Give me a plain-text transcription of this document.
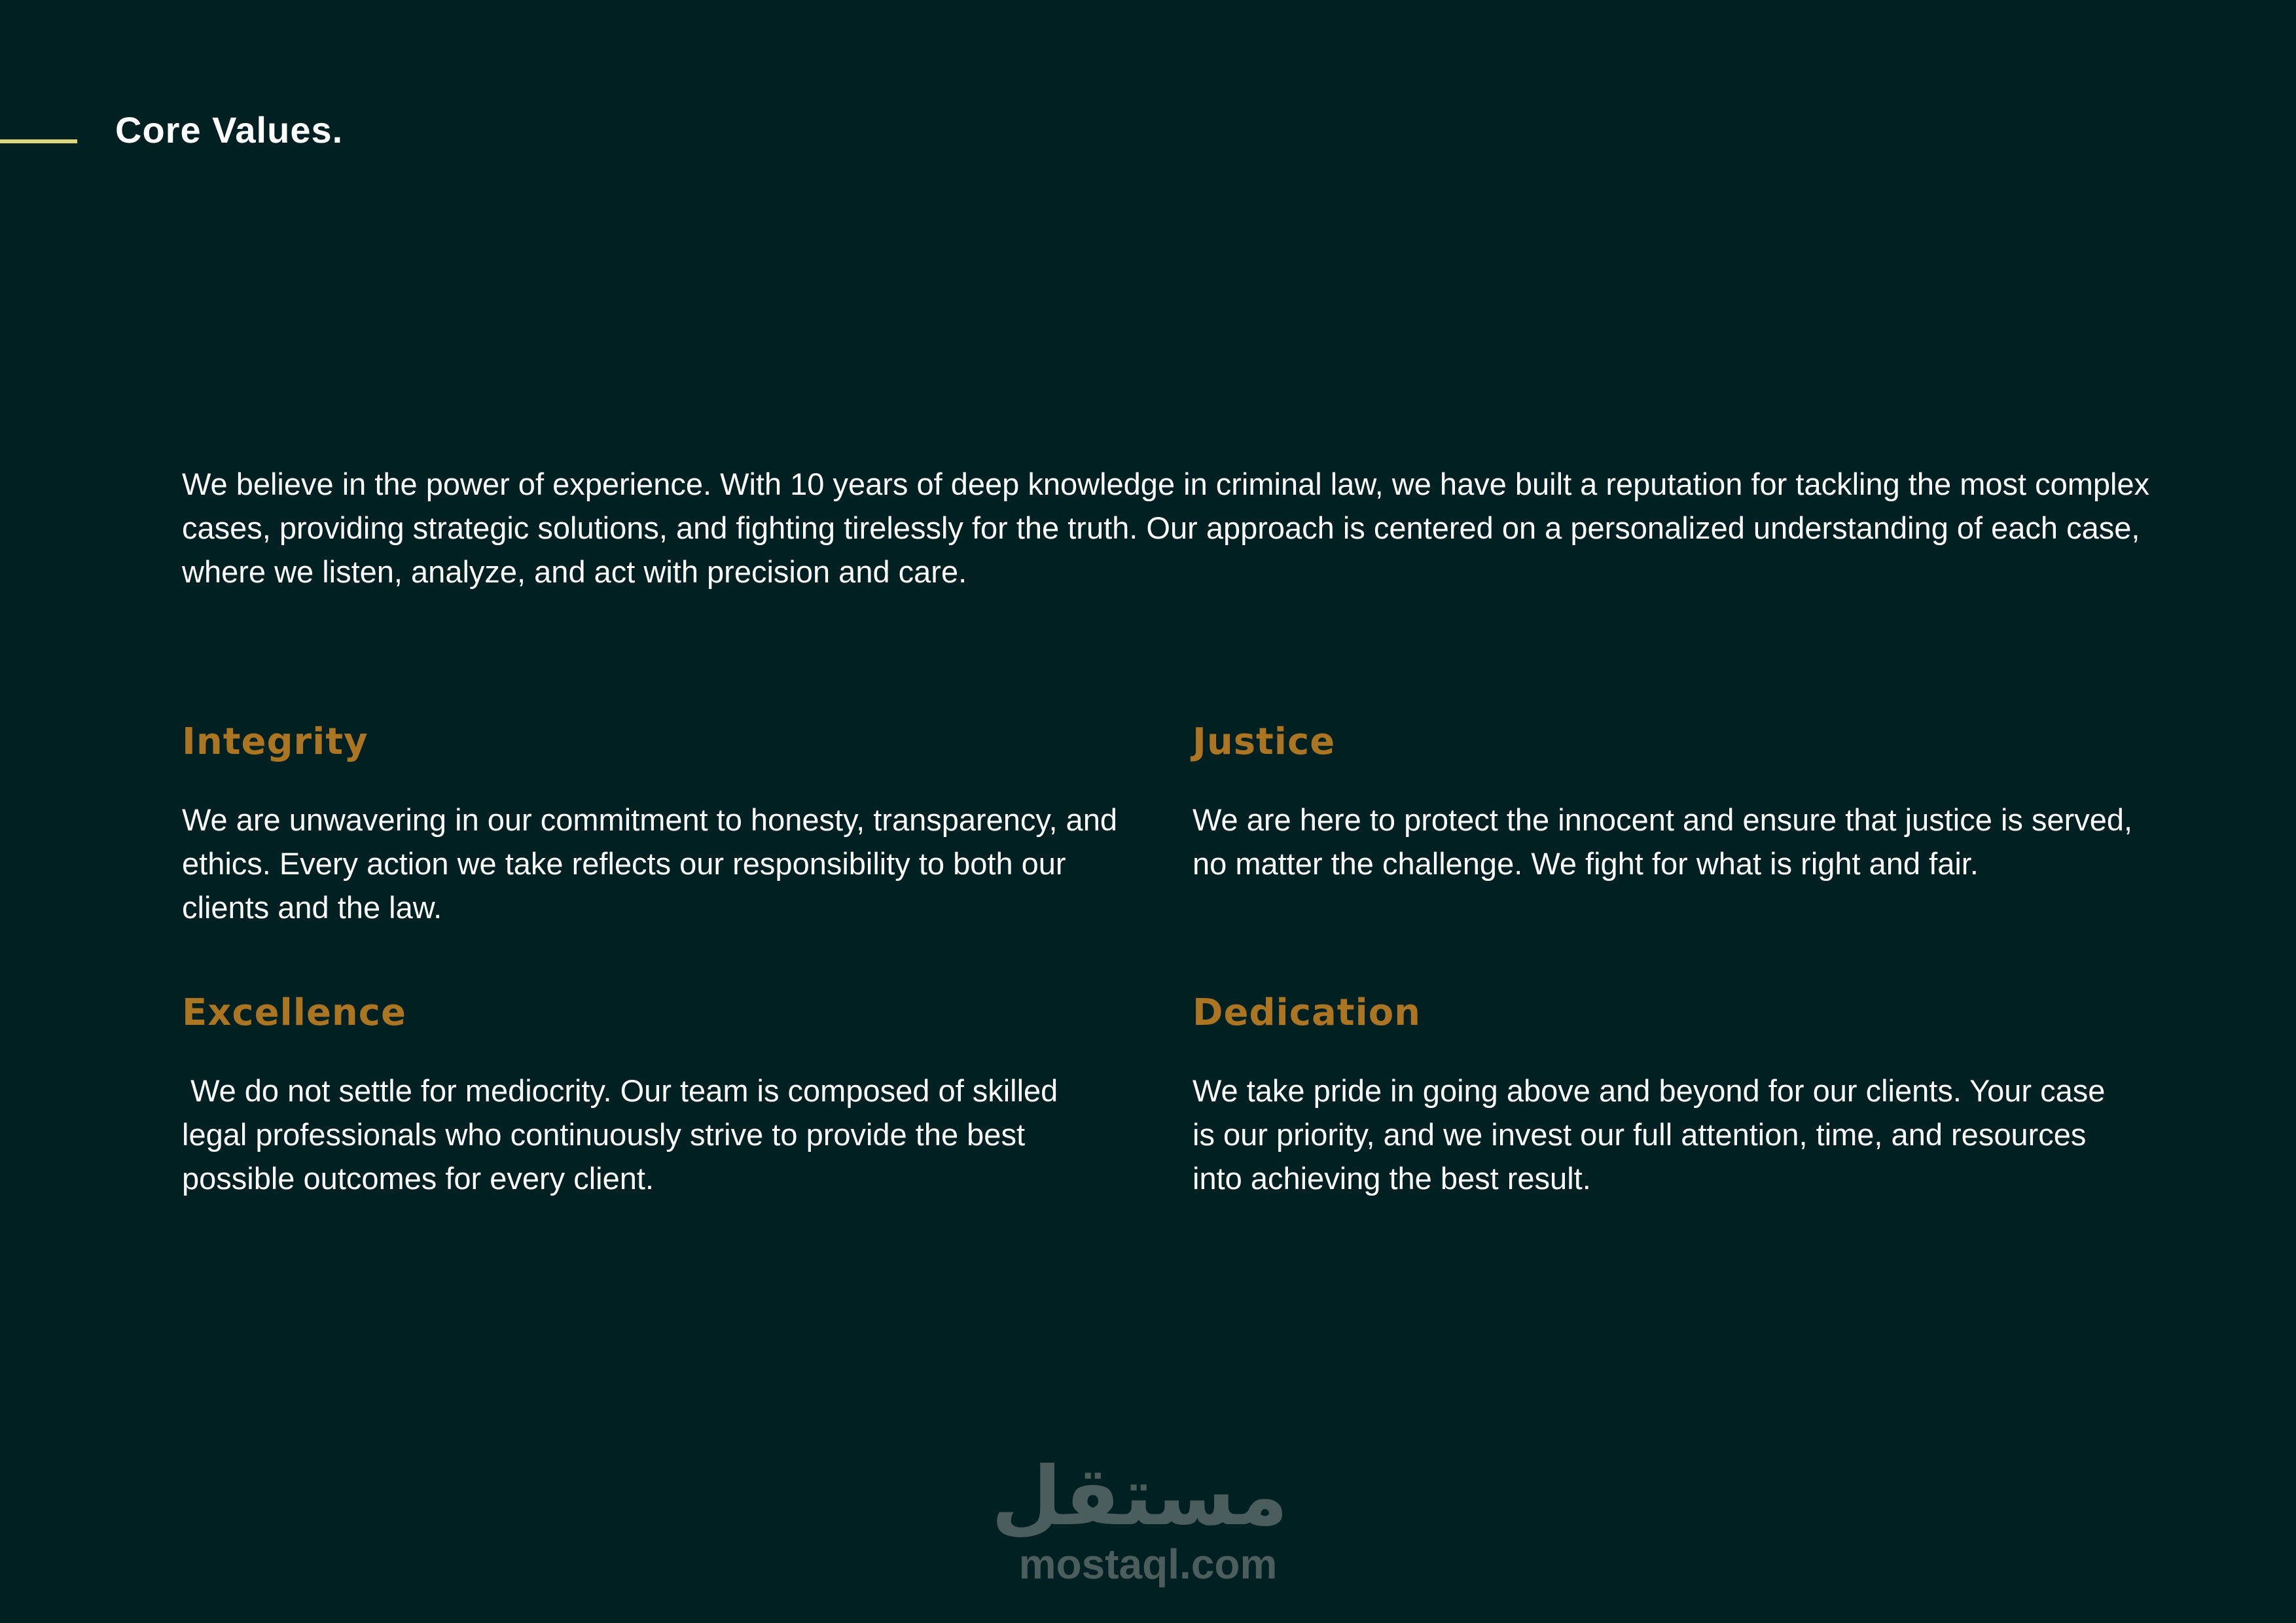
Core Values.

We believe in the power of experience. With 10 years of deep knowledge in criminal law, we have built a reputation for tackling the most complex cases, providing strategic solutions, and fighting tirelessly for the truth. Our approach is centered on a personalized understanding of each case, where we listen, analyze, and act with precision and care.

Integrity

We are unwavering in our commitment to honesty, transparency, and ethics. Every action we take reflects our responsibility to both our clients and the law.

Justice

We are here to protect the innocent and ensure that justice is served, no matter the challenge. We fight for what is right and fair.

Excellence

We do not settle for mediocrity. Our team is composed of skilled legal professionals who continuously strive to provide the best possible outcomes for every client.

Dedication

We take pride in going above and beyond for our clients. Your case is our priority, and we invest our full attention, time, and resources into achieving the best result.

مستقل
mostaql.com
